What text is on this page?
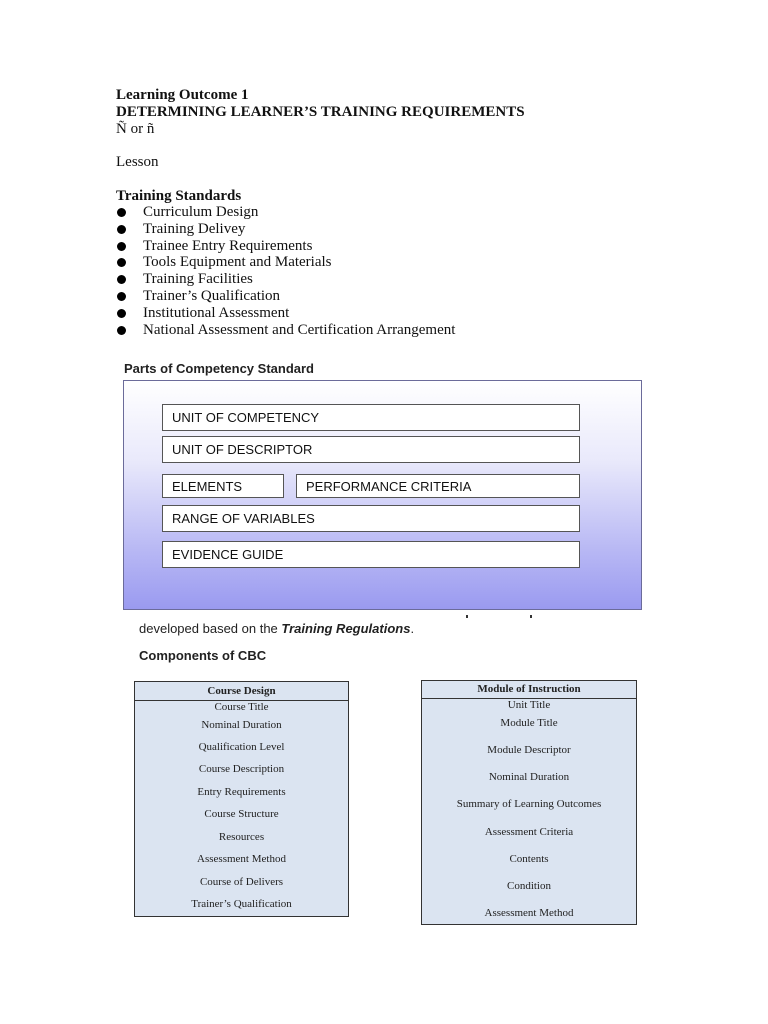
Learning Outcome 1
DETERMINING LEARNER’S TRAINING REQUIREMENTS
Ñ or ñ
Lesson
Training Standards
Curriculum Design
Training Delivey
Trainee Entry Requirements
Tools Equipment and Materials
Training Facilities
Trainer’s Qualification
Institutional Assessment
National Assessment and Certification Arrangement
Parts of Competency Standard
UNIT OF COMPETENCY
UNIT OF DESCRIPTOR
ELEMENTS	PERFORMANCE CRITERIA
RANGE OF VARIABLES
EVIDENCE GUIDE
developed based on the Training Regulations.
Components of CBC
Course Design
Course Title
Nominal Duration
Qualification Level
Course Description
Entry Requirements
Course Structure
Resources
Assessment Method
Course of Delivers
Trainer’s Qualification
Module of Instruction
Unit Title
Module Title
Module Descriptor
Nominal Duration
Summary of Learning Outcomes
Assessment Criteria
Contents
Condition
Assessment Method
